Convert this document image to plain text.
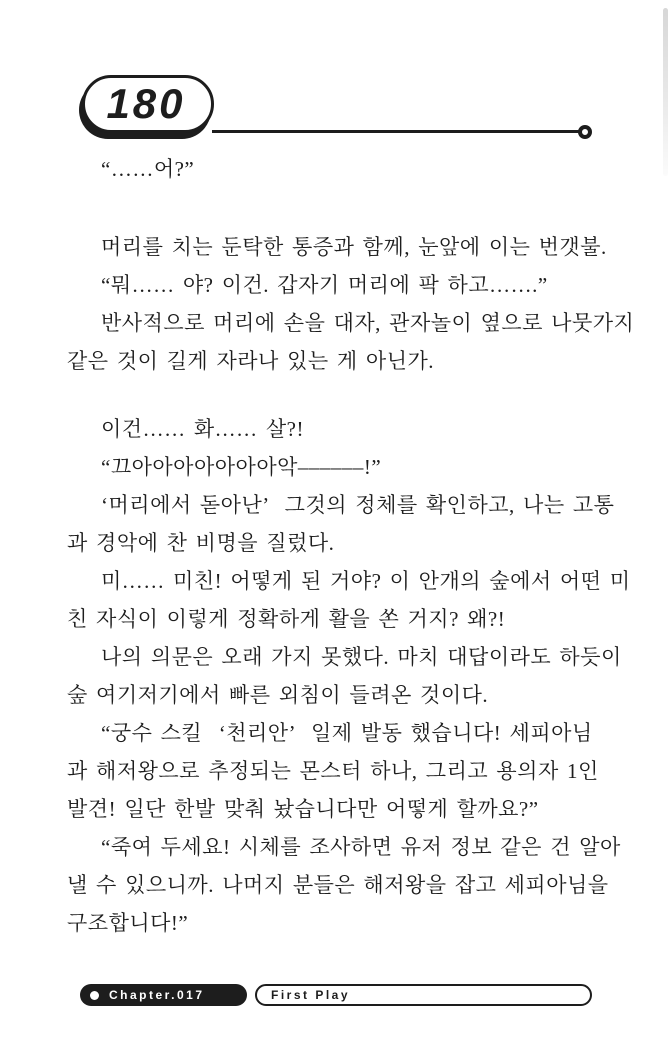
180
“……어?”
머리를 치는 둔탁한 통증과 함께, 눈앞에 이는 번갯불.
“뭐…… 야? 이건. 갑자기 머리에 팍 하고…….”
반사적으로 머리에 손을 대자, 관자놀이 옆으로 나뭇가지
같은 것이 길게 자라나 있는 게 아닌가.
이건…… 화…… 살?!
“끄아아아아아아아악––––––!”
‘머리에서 돋아난’  그것의 정체를 확인하고, 나는 고통
과 경악에 찬 비명을 질렀다.
미…… 미친! 어떻게 된 거야? 이 안개의 숲에서 어떤 미
친 자식이 이렇게 정확하게 활을 쏜 거지? 왜?!
나의 의문은 오래 가지 못했다. 마치 대답이라도 하듯이
숲 여기저기에서 빠른 외침이 들려온 것이다.
“궁수 스킬  ‘천리안’  일제 발동 했습니다! 세피아님
과 해저왕으로 추정되는 몬스터 하나, 그리고 용의자 1인
발견! 일단 한발 맞춰 놨습니다만 어떻게 할까요?”
“죽여 두세요! 시체를 조사하면 유저 정보 같은 건 알아
낼 수 있으니까. 나머지 분들은 해저왕을 잡고 세피아님을
구조합니다!”
Chapter.017	First Play
